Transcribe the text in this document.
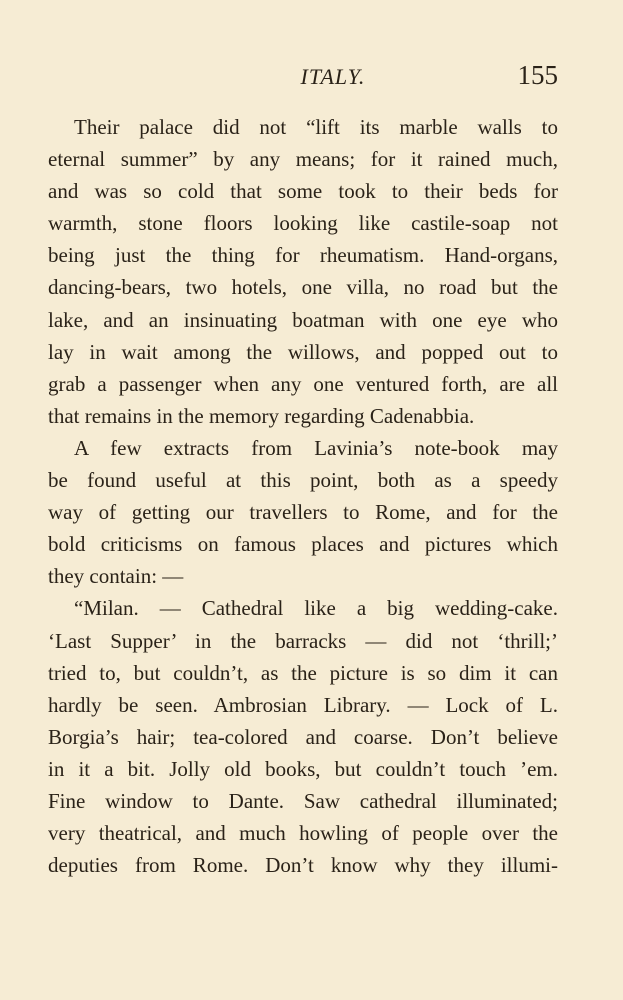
ITALY.	155
Their palace did not “lift its marble walls to
eternal summer” by any means; for it rained much,
and was so cold that some took to their beds for
warmth, stone floors looking like castile-soap not
being just the thing for rheumatism. Hand-organs,
dancing-bears, two hotels, one villa, no road but the
lake, and an insinuating boatman with one eye who
lay in wait among the willows, and popped out to
grab a passenger when any one ventured forth, are all
that remains in the memory regarding Cadenabbia.
A few extracts from Lavinia’s note-book may
be found useful at this point, both as a speedy
way of getting our travellers to Rome, and for the
bold criticisms on famous places and pictures which
they contain: —
“Milan. — Cathedral like a big wedding-cake.
‘Last Supper’ in the barracks — did not ‘thrill;’
tried to, but couldn’t, as the picture is so dim it can
hardly be seen. Ambrosian Library. — Lock of L.
Borgia’s hair; tea-colored and coarse. Don’t believe
in it a bit. Jolly old books, but couldn’t touch ’em.
Fine window to Dante. Saw cathedral illuminated;
very theatrical, and much howling of people over the
deputies from Rome. Don’t know why they illumi-
